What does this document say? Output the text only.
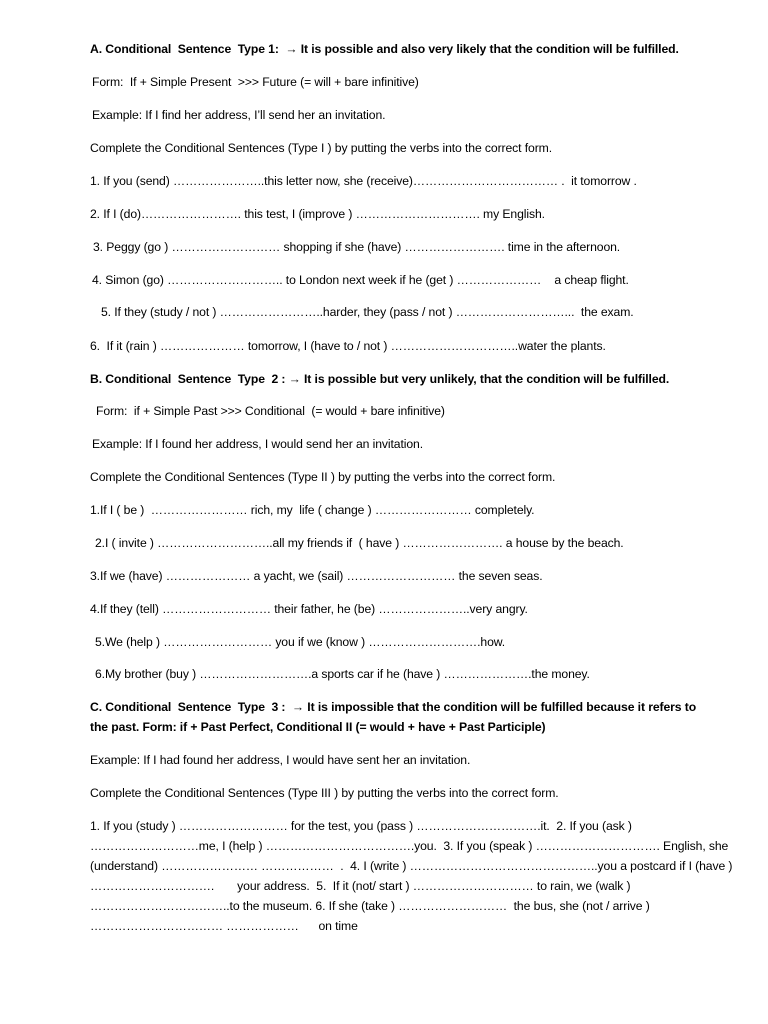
A. Conditional  Sentence  Type 1:  → It is possible and also very likely that the condition will be fulfilled.
Form:  If + Simple Present  >>> Future (= will + bare infinitive)
Example: If I find her address, I’ll send her an invitation.
Complete the Conditional Sentences (Type I ) by putting the verbs into the correct form.
1. If you (send) …………………..this letter now, she (receive)……………………………… .  it tomorrow .
2. If I (do)……………………. this test, I (improve ) …………………………. my English.
3. Peggy (go ) ……………………… shopping if she (have) ……………………. time in the afternoon.
4. Simon (go) ……………………….. to London next week if he (get ) …………………    a cheap flight.
5. If they (study / not ) ……………………..harder, they (pass / not ) ………………………...  the exam.
6.  If it (rain ) ………………… tomorrow, I (have to / not ) …………………………..water the plants.
B. Conditional  Sentence  Type  2 : → It is possible but very unlikely, that the condition will be fulfilled.
Form:  if + Simple Past >>> Conditional  (= would + bare infinitive)
Example: If I found her address, I would send her an invitation.
Complete the Conditional Sentences (Type II ) by putting the verbs into the correct form.
1.If I ( be )  …………………… rich, my  life ( change ) …………………… completely.
2.I ( invite ) ………………………..all my friends if  ( have ) ……………………. a house by the beach.
3.If we (have) ………………… a yacht, we (sail) ……………………… the seven seas.
4.If they (tell) ……………………… their father, he (be) …………………..very angry.
5.We (help ) ……………………… you if we (know ) ……………………….how.
6.My brother (buy ) ……………………….a sports car if he (have ) ………………….the money.
C. Conditional  Sentence  Type  3 :  → It is impossible that the condition will be fulfilled because it refers to
the past. Form: if + Past Perfect, Conditional II (= would + have + Past Participle)
Example: If I had found her address, I would have sent her an invitation.
Complete the Conditional Sentences (Type III ) by putting the verbs into the correct form.
1. If you (study ) ……………………… for the test, you (pass ) ………………………….it.  2. If you (ask )
………………………me, I (help ) ……………………………….you.  3. If you (speak ) …………………………. English, she
(understand) …………………… ………………  .  4. I (write ) ………………………………………..you a postcard if I (have )
………………………….       your address.  5.  If it (not/ start ) ………………………… to rain, we (walk )
……………………………..to the museum. 6. If she (take ) ………………………  the bus, she (not / arrive )
…………………………… ………………      on time
